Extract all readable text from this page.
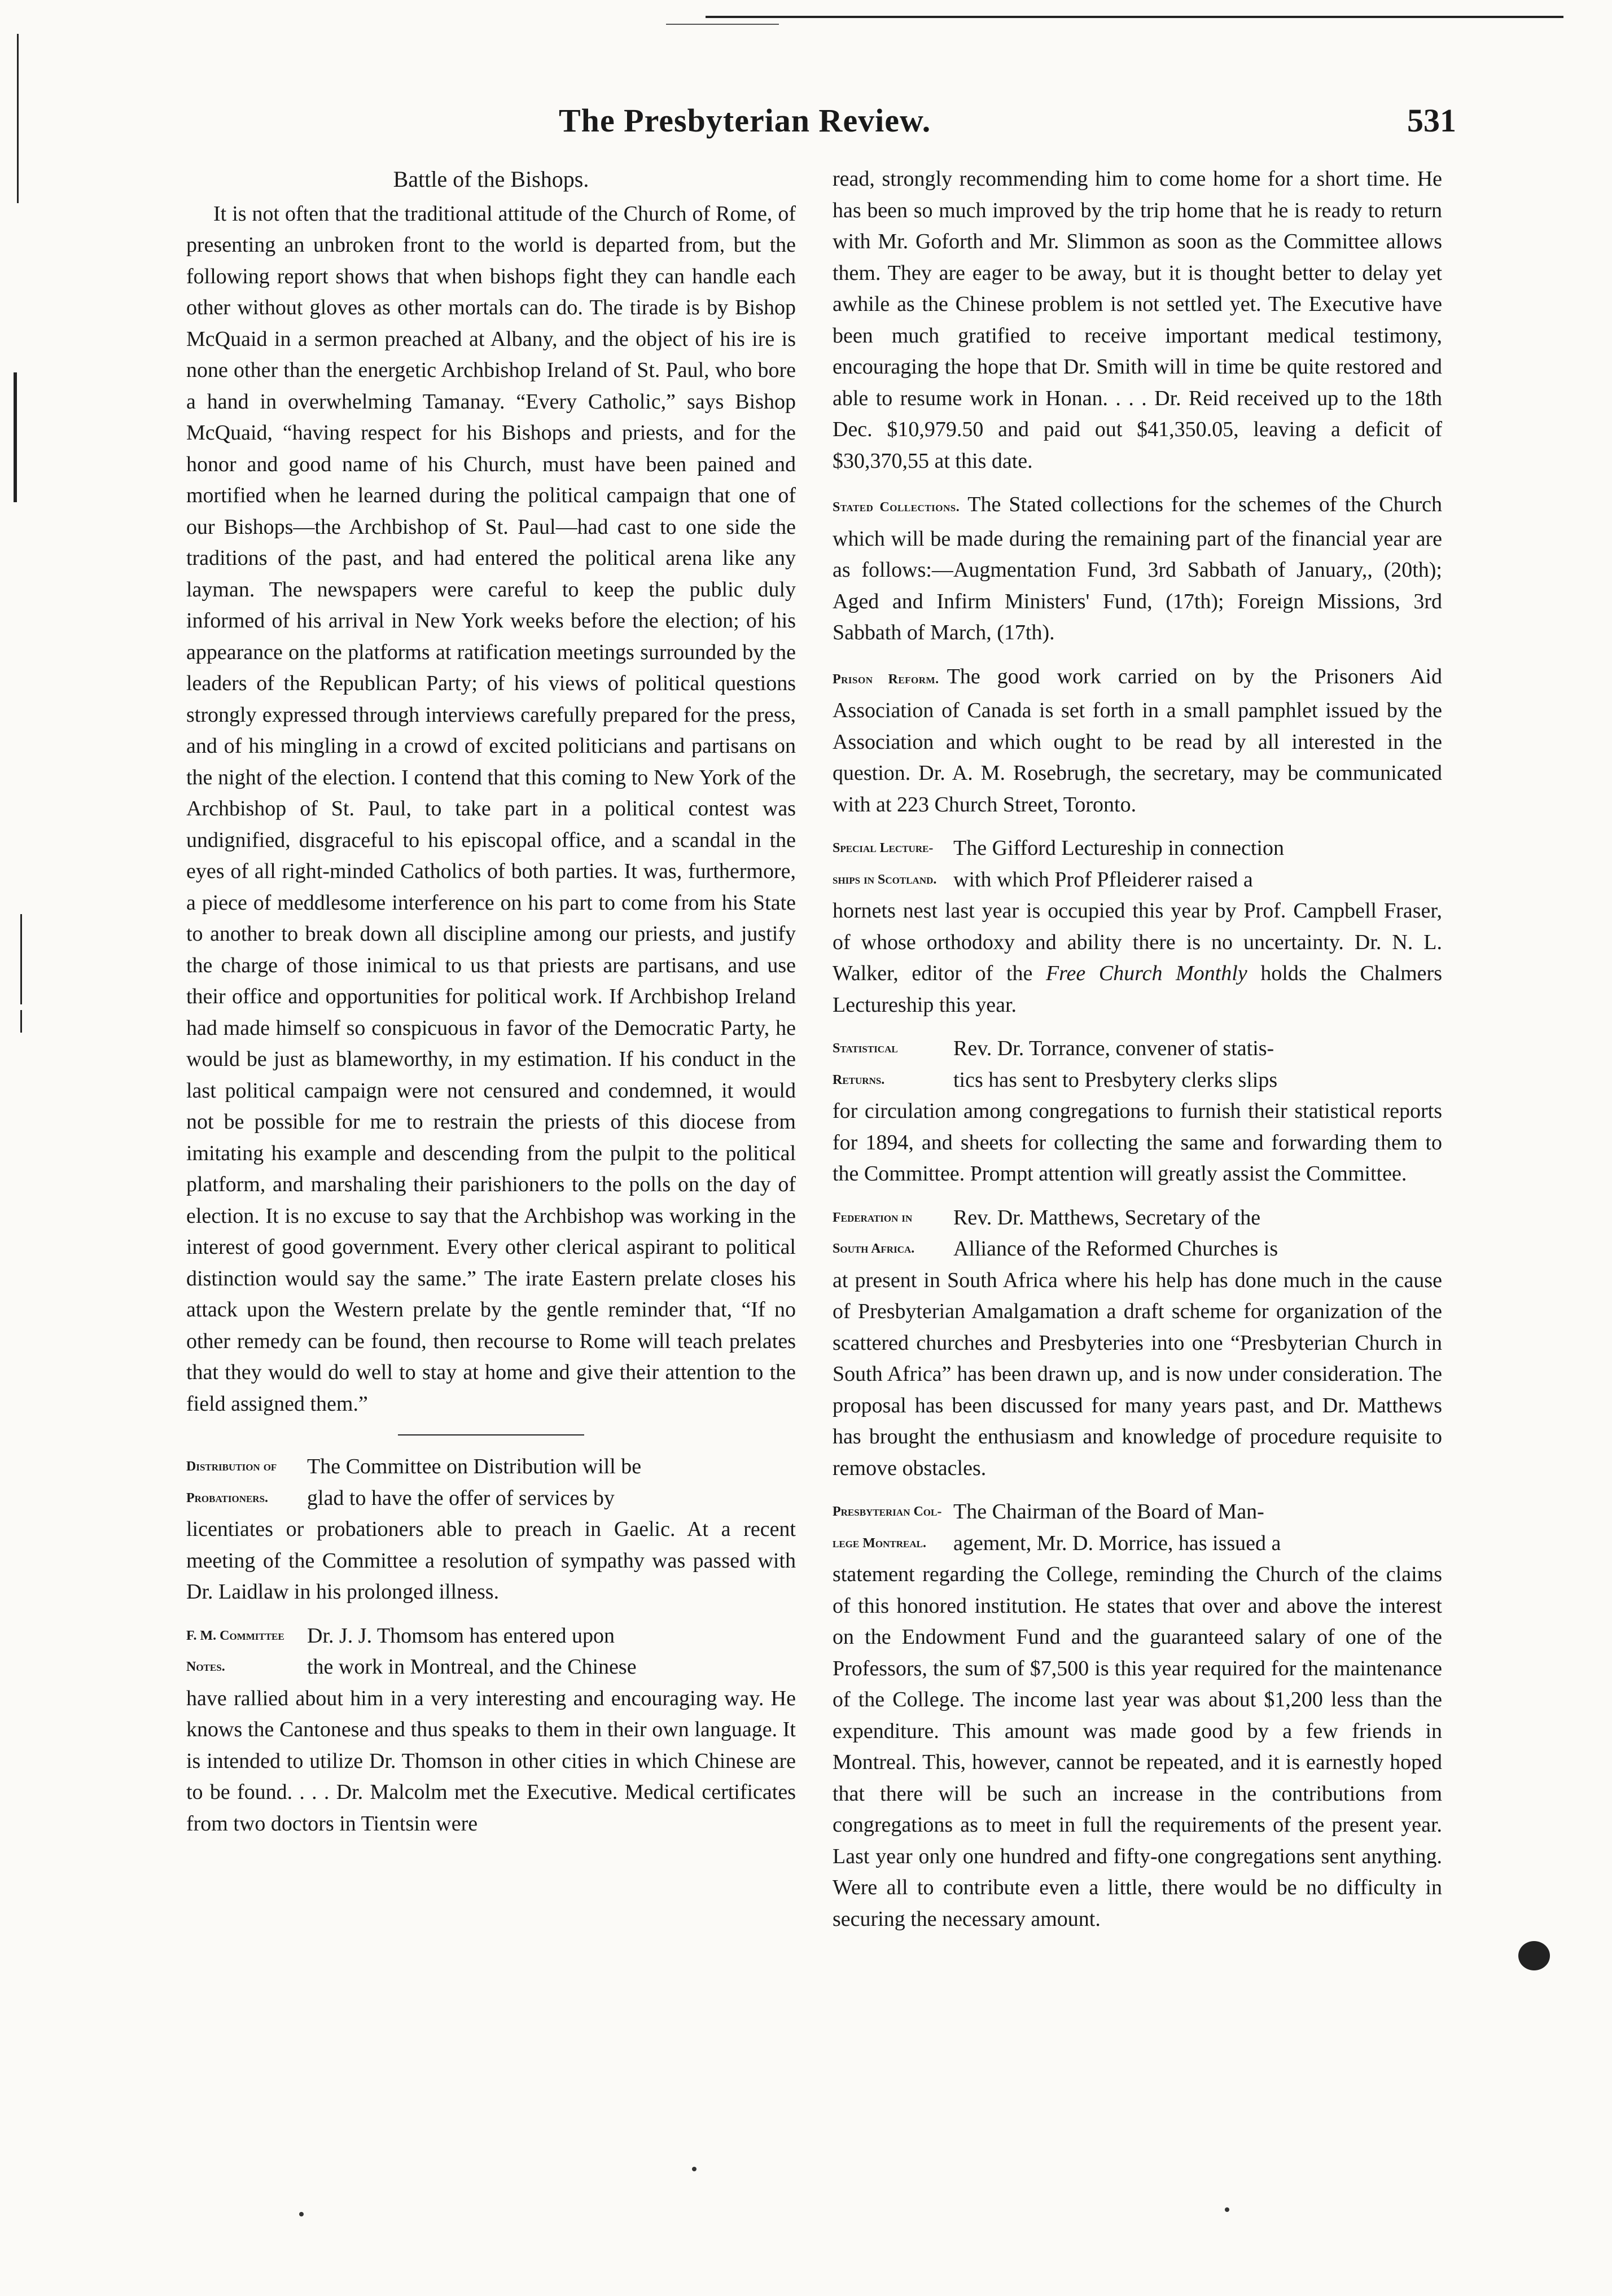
The Presbyterian Review.	531

Battle of the Bishops.

It is not often that the traditional attitude of the Church of Rome, of presenting an unbroken front to the world is departed from, but the following report shows that when bishops fight they can handle each other without gloves as other mortals can do. The tirade is by Bishop McQuaid in a sermon preached at Albany, and the object of his ire is none other than the energetic Archbishop Ireland of St. Paul, who bore a hand in overwhelming Tamanay. “Every Catholic,” says Bishop McQuaid, “having respect for his Bishops and priests, and for the honor and good name of his Church, must have been pained and mortified when he learned during the political campaign that one of our Bishops—the Archbishop of St. Paul—had cast to one side the traditions of the past, and had entered the political arena like any layman. The newspapers were careful to keep the public duly informed of his arrival in New York weeks before the election; of his appearance on the platforms at ratification meetings surrounded by the leaders of the Republican Party; of his views of political questions strongly expressed through interviews carefully prepared for the press, and of his mingling in a crowd of excited politicians and partisans on the night of the election. I contend that this coming to New York of the Archbishop of St. Paul, to take part in a political contest was undignified, disgraceful to his episcopal office, and a scandal in the eyes of all right-minded Catholics of both parties. It was, furthermore, a piece of meddlesome interference on his part to come from his State to another to break down all discipline among our priests, and justify the charge of those inimical to us that priests are partisans, and use their office and opportunities for political work. If Archbishop Ireland had made himself so conspicuous in favor of the Democratic Party, he would be just as blameworthy, in my estimation. If his conduct in the last political campaign were not censured and condemned, it would not be possible for me to restrain the priests of this diocese from imitating his example and descending from the pulpit to the political platform, and marshaling their parishioners to the polls on the day of election. It is no excuse to say that the Archbishop was working in the interest of good government. Every other clerical aspirant to political distinction would say the same.” The irate Eastern prelate closes his attack upon the Western prelate by the gentle reminder that, “If no other remedy can be found, then recourse to Rome will teach prelates that they would do well to stay at home and give their attention to the field assigned them.”

Distribution of	The Committee on Distribution will be
Probationers.	glad to have the offer of services by

licentiates or probationers able to preach in Gaelic. At a recent meeting of the Committee a resolution of sympathy was passed with Dr. Laidlaw in his prolonged illness.

F. M. Committee	Dr. J. J. Thomsom has entered upon
Notes.	the work in Montreal, and the Chinese

have rallied about him in a very interesting and encouraging way. He knows the Cantonese and thus speaks to them in their own language. It is intended to utilize Dr. Thomson in other cities in which Chinese are to be found. . . . Dr. Malcolm met the Executive. Medical certificates from two doctors in Tientsin were

read, strongly recommending him to come home for a short time. He has been so much improved by the trip home that he is ready to return with Mr. Goforth and Mr. Slimmon as soon as the Committee allows them. They are eager to be away, but it is thought better to delay yet awhile as the Chinese problem is not settled yet. The Executive have been much gratified to receive important medical testimony, encouraging the hope that Dr. Smith will in time be quite restored and able to resume work in Honan. . . . Dr. Reid received up to the 18th Dec. $10,979.50 and paid out $41,350.05, leaving a deficit of $30,370,55 at this date.

Stated Collections. The Stated collections for the schemes of the Church which will be made during the remaining part of the financial year are as follows:—Augmentation Fund, 3rd Sabbath of January,, (20th); Aged and Infirm Ministers' Fund, (17th); Foreign Missions, 3rd Sabbath of March, (17th).

Prison Reform. The good work carried on by the Prisoners Aid Association of Canada is set forth in a small pamphlet issued by the Association and which ought to be read by all interested in the question. Dr. A. M. Rosebrugh, the secretary, may be communicated with at 223 Church Street, Toronto.

Special Lecture- The Gifford Lectureship in connection
ships in Scotland. with which Prof Pfleiderer raised a

hornets nest last year is occupied this year by Prof. Campbell Fraser, of whose orthodoxy and ability there is no uncertainty. Dr. N. L. Walker, editor of the Free Church Monthly holds the Chalmers Lectureship this year.

Statistical	Rev. Dr. Torrance, convener of statis-
Returns.	tics has sent to Presbytery clerks slips

for circulation among congregations to furnish their statistical reports for 1894, and sheets for collecting the same and forwarding them to the Committee. Prompt attention will greatly assist the Committee.

Federation in	Rev. Dr. Matthews, Secretary of the
South Africa.	Alliance of the Reformed Churches is

at present in South Africa where his help has done much in the cause of Presbyterian Amalgamation a draft scheme for organization of the scattered churches and Presbyteries into one “Presbyterian Church in South Africa” has been drawn up, and is now under consideration. The proposal has been discussed for many years past, and Dr. Matthews has brought the enthusiasm and knowledge of procedure requisite to remove obstacles.

Presbyterian Col- The Chairman of the Board of Man-
lege Montreal.	agement, Mr. D. Morrice, has issued a

statement regarding the College, reminding the Church of the claims of this honored institution. He states that over and above the interest on the Endowment Fund and the guaranteed salary of one of the Professors, the sum of $7,500 is this year required for the maintenance of the College. The income last year was about $1,200 less than the expenditure. This amount was made good by a few friends in Montreal. This, however, cannot be repeated, and it is earnestly hoped that there will be such an increase in the contributions from congregations as to meet in full the requirements of the present year. Last year only one hundred and fifty-one congregations sent anything. Were all to contribute even a little, there would be no difficulty in securing the necessary amount.
